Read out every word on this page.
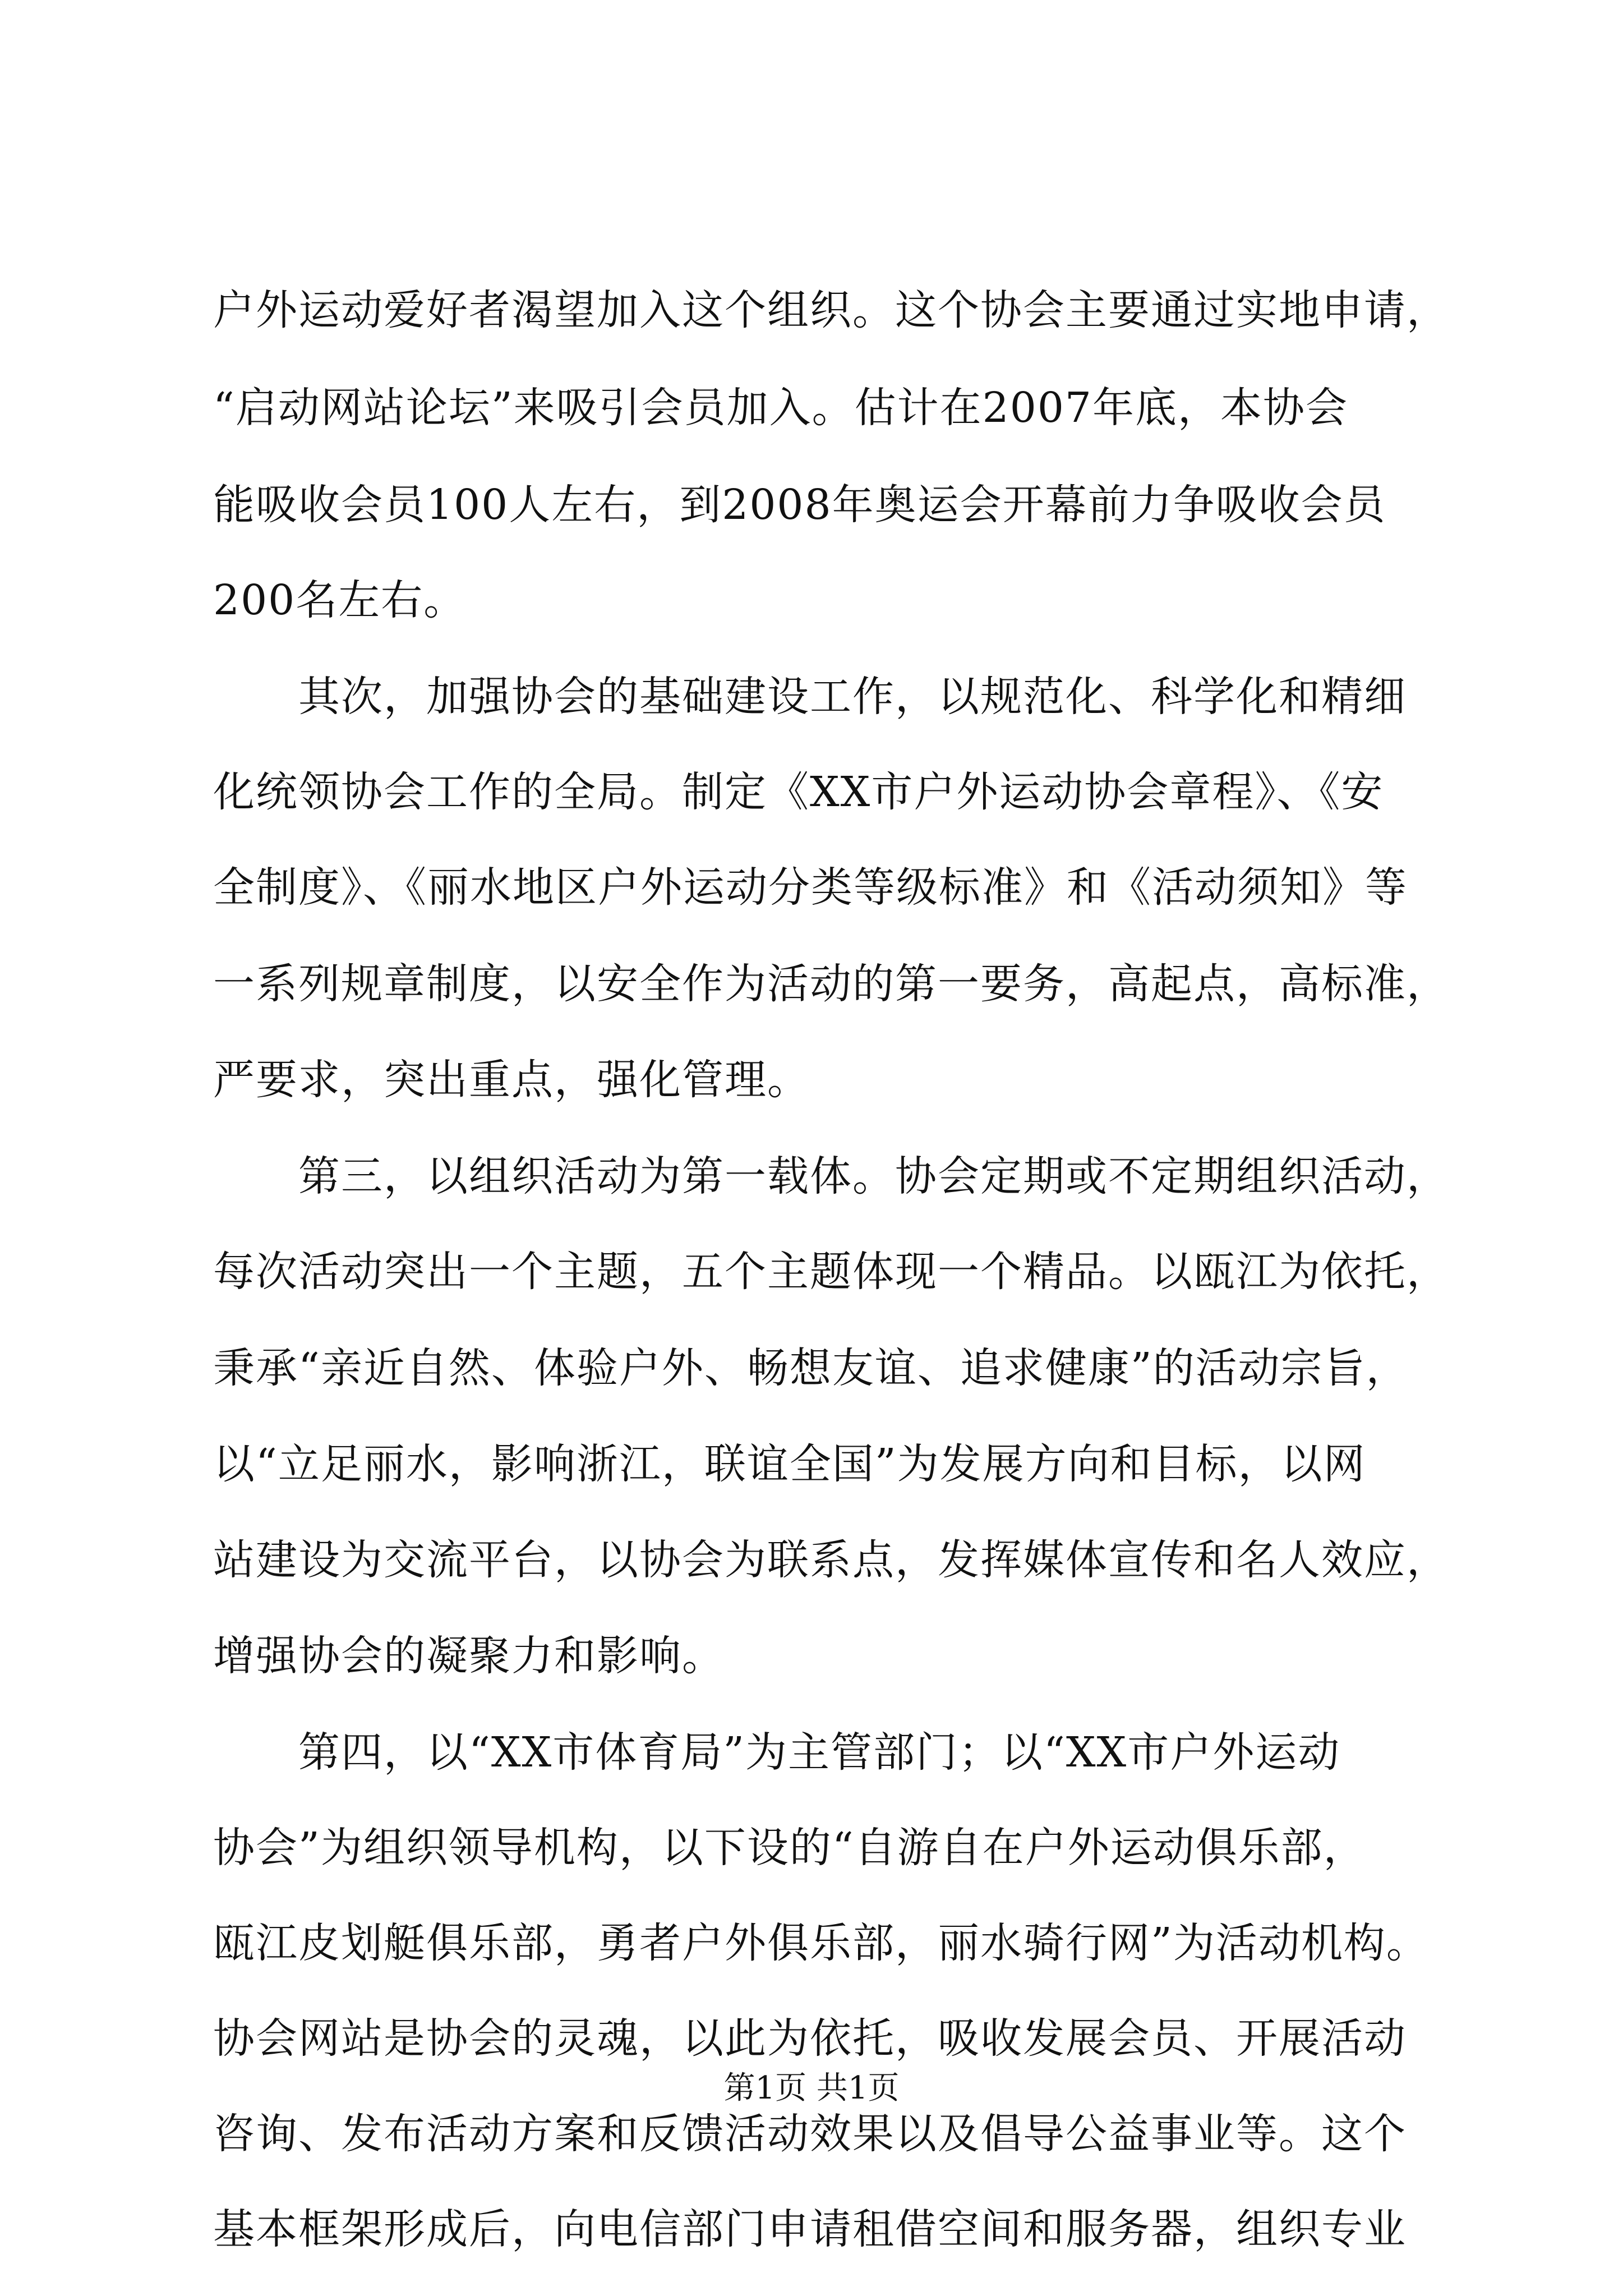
户外运动爱好者渴望加入这个组织。这个协会主要通过实地申请，
“启动网站论坛”来吸引会员加入。估计在2007年底，本协会
能吸收会员100人左右，到2008年奥运会开幕前力争吸收会员
200名左右。
其次，加强协会的基础建设工作，以规范化、科学化和精细
化统领协会工作的全局。制定《XX市户外运动协会章程》、《安
全制度》、《丽水地区户外运动分类等级标准》和《活动须知》等
一系列规章制度，以安全作为活动的第一要务，高起点，高标准，
严要求，突出重点，强化管理。
第三，以组织活动为第一载体。协会定期或不定期组织活动，
每次活动突出一个主题，五个主题体现一个精品。以瓯江为依托，
秉承“亲近自然、体验户外、畅想友谊、追求健康”的活动宗旨，
以“立足丽水，影响浙江，联谊全国”为发展方向和目标，以网
站建设为交流平台，以协会为联系点，发挥媒体宣传和名人效应，
增强协会的凝聚力和影响。
第四，以“XX市体育局”为主管部门；以“XX市户外运动
协会”为组织领导机构，以下设的“自游自在户外运动俱乐部，
瓯江皮划艇俱乐部，勇者户外俱乐部，丽水骑行网”为活动机构。
协会网站是协会的灵魂，以此为依托，吸收发展会员、开展活动
咨询、发布活动方案和反馈活动效果以及倡导公益事业等。这个
基本框架形成后，向电信部门申请租借空间和服务器，组织专业
第1页 共1页
